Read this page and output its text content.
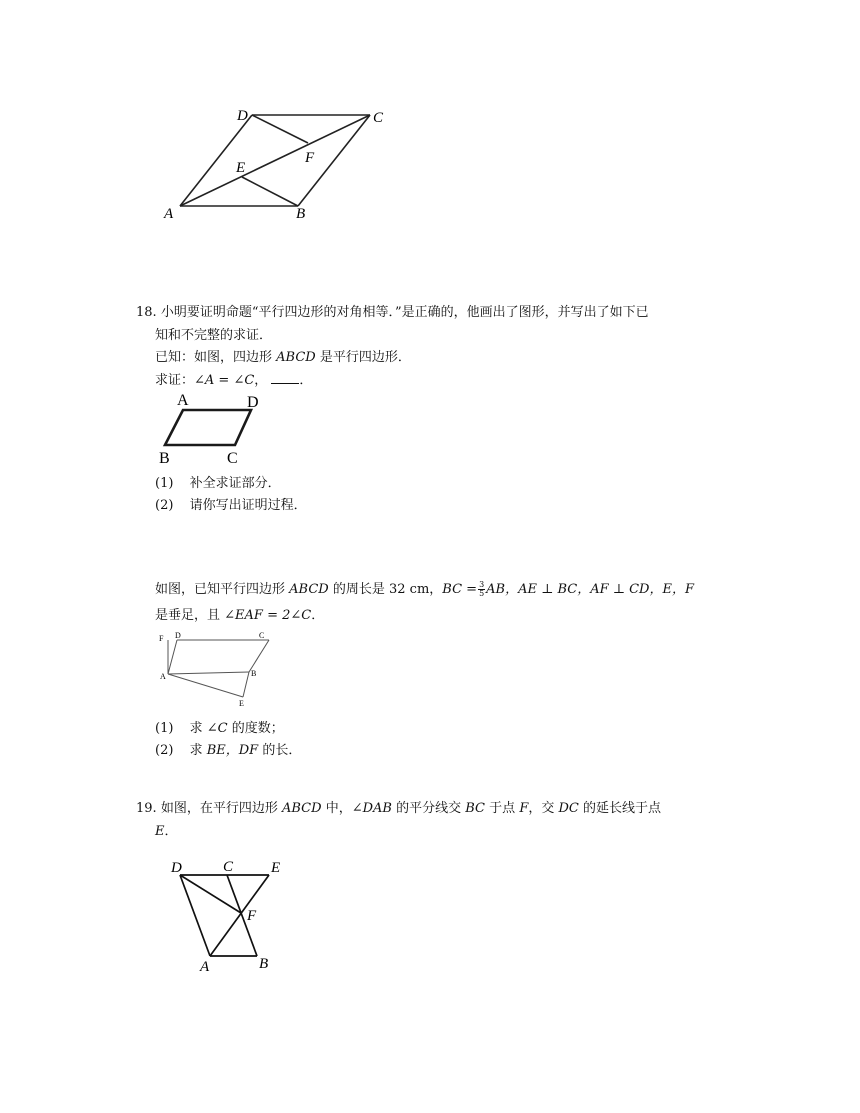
D	C
E
F
A	B
18. 小明要证明命题“平行四边形的对角相等．”是正确的，他画出了图形，并写出了如下已
知和不完整的求证．
已知：如图，四边形 ABCD 是平行四边形．
求证：∠A = ∠C， ．
A	D
B	C
(1) 补全求证部分．
(2) 请你写出证明过程．
如图，已知平行四边形 ABCD 的周长是 32 cm，BC = $\frac{3}{5}$ AB，AE ⊥ BC，AF ⊥ CD，E，F
是垂足，且 ∠EAF = 2∠C．
F D	C
A	B
E
(1) 求 ∠C 的度数；
(2) 求 BE，DF 的长．
19. 如图，在平行四边形 ABCD 中，∠DAB 的平分线交 BC 于点 F，交 DC 的延长线于点
E．
D	C	E
F
A	B
